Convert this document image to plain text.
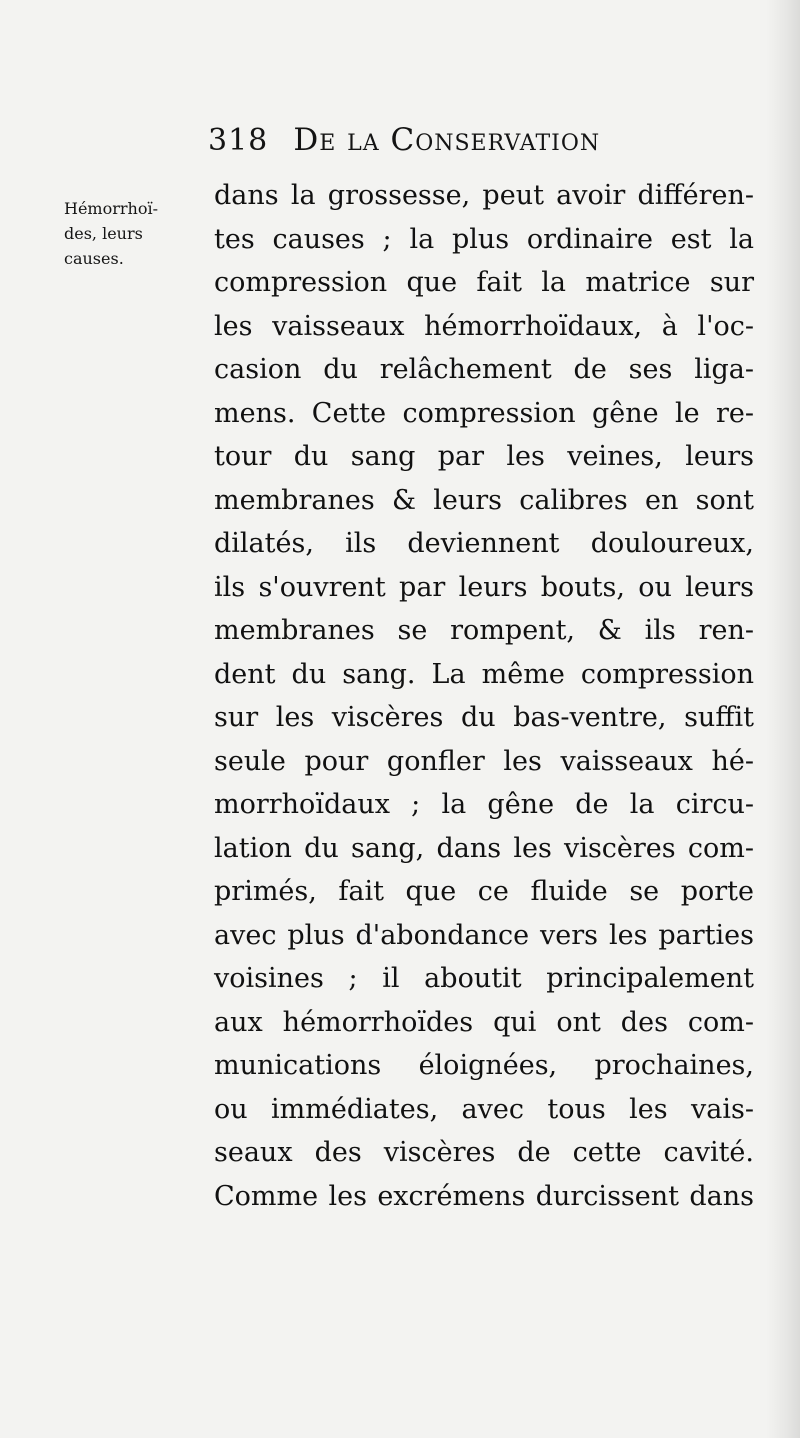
318 De la Conservation
Hémorrhoï-
des, leurs
causes.
dans la grossesse, peut avoir différen-
tes causes ; la plus ordinaire est la
compression que fait la matrice sur
les vaisseaux hémorrhoïdaux, à l'oc-
casion du relâchement de ses liga-
mens. Cette compression gêne le re-
tour du sang par les veines, leurs
membranes & leurs calibres en sont
dilatés, ils deviennent douloureux,
ils s'ouvrent par leurs bouts, ou leurs
membranes se rompent, & ils ren-
dent du sang. La même compression
sur les viscères du bas-ventre, suffit
seule pour gonfler les vaisseaux hé-
morrhoïdaux ; la gêne de la circu-
lation du sang, dans les viscères com-
primés, fait que ce fluide se porte
avec plus d'abondance vers les parties
voisines ; il aboutit principalement
aux hémorrhoïdes qui ont des com-
munications éloignées, prochaines,
ou immédiates, avec tous les vais-
seaux des viscères de cette cavité.
Comme les excrémens durcissent dans
